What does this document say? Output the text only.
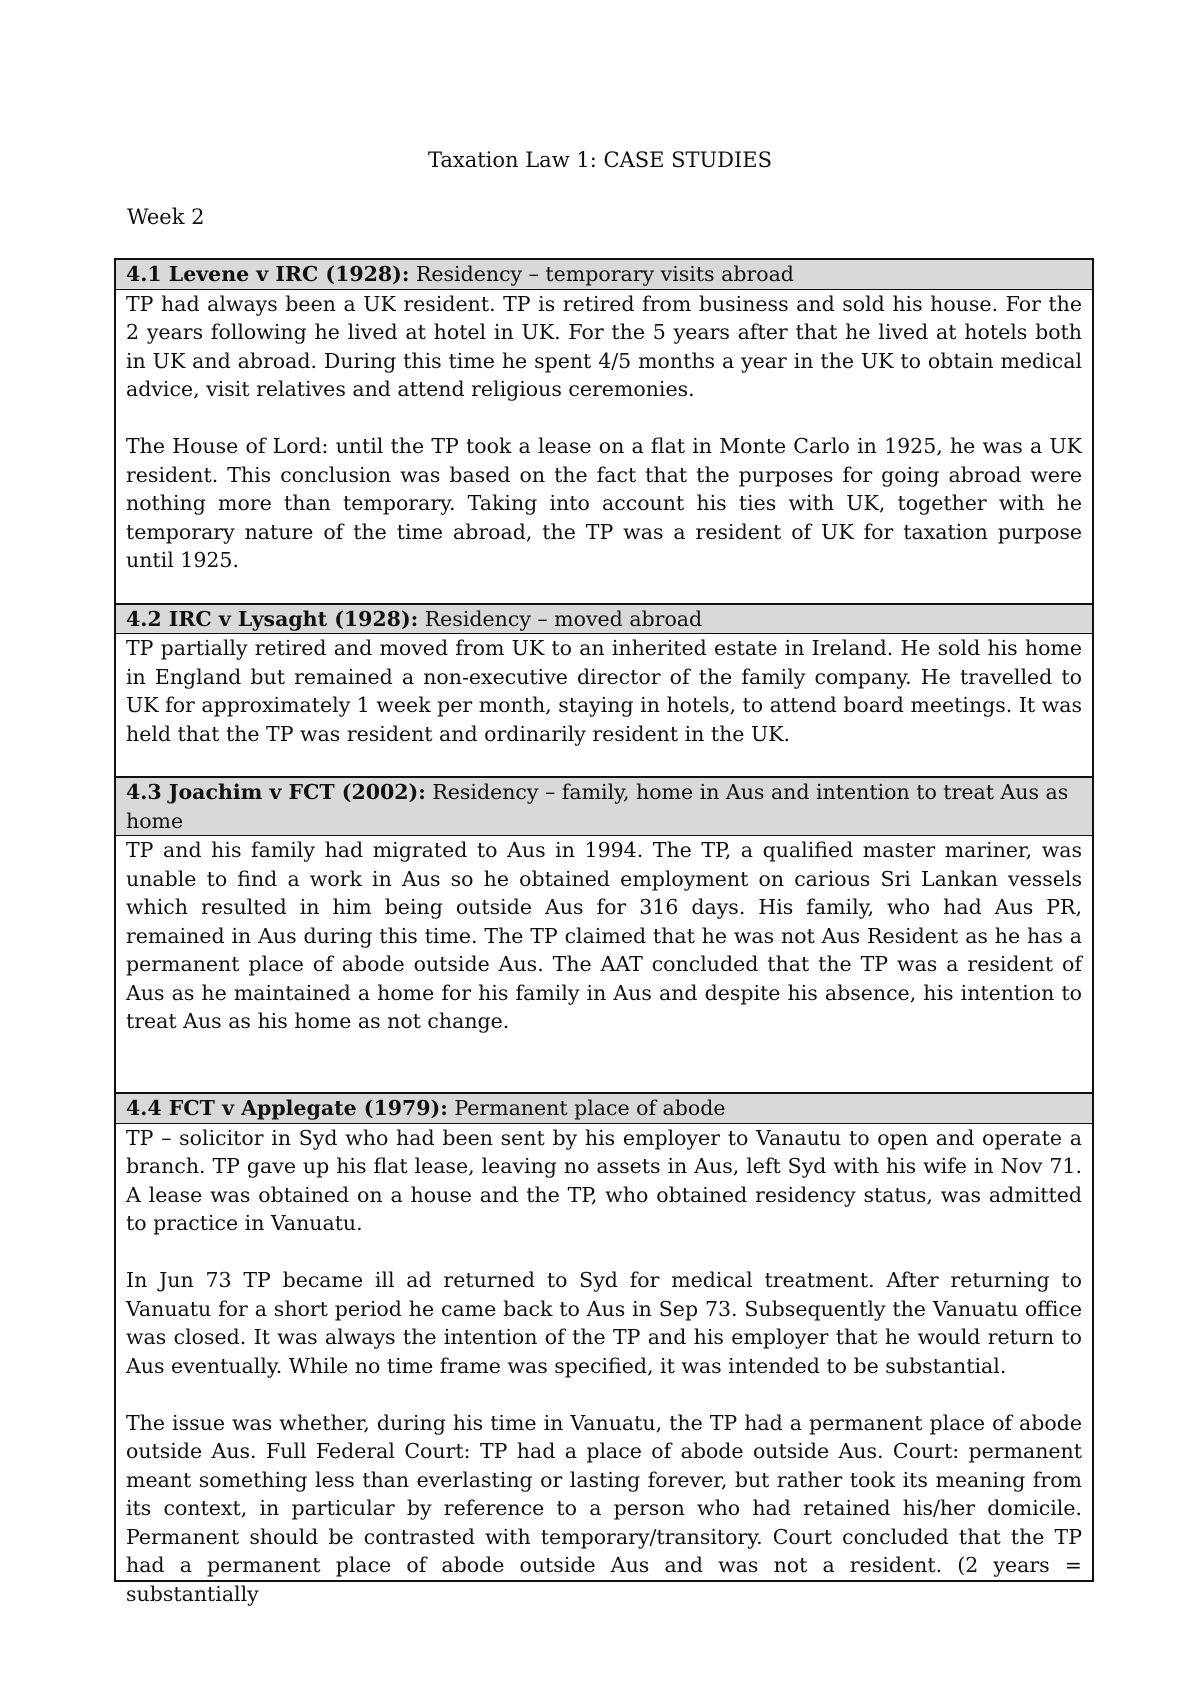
Taxation Law 1: CASE STUDIES
Week 2
4.1 Levene v IRC (1928): Residency – temporary visits abroad

TP had always been a UK resident. TP is retired from business and sold his house. For the 2 years following he lived at hotel in UK. For the 5 years after that he lived at hotels both in UK and abroad. During this time he spent 4/5 months a year in the UK to obtain medical advice, visit relatives and attend religious ceremonies.

The House of Lord: until the TP took a lease on a flat in Monte Carlo in 1925, he was a UK resident. This conclusion was based on the fact that the purposes for going abroad were nothing more than temporary. Taking into account his ties with UK, together with he temporary nature of the time abroad, the TP was a resident of UK for taxation purpose until 1925.

4.2 IRC v Lysaght (1928): Residency – moved abroad

TP partially retired and moved from UK to an inherited estate in Ireland. He sold his home in England but remained a non-executive director of the family company. He travelled to UK for approximately 1 week per month, staying in hotels, to attend board meetings. It was held that the TP was resident and ordinarily resident in the UK.

4.3 Joachim v FCT (2002): Residency – family, home in Aus and intention to treat Aus as home

TP and his family had migrated to Aus in 1994. The TP, a qualified master mariner, was unable to find a work in Aus so he obtained employment on carious Sri Lankan vessels which resulted in him being outside Aus for 316 days. His family, who had Aus PR, remained in Aus during this time. The TP claimed that he was not Aus Resident as he has a permanent place of abode outside Aus. The AAT concluded that the TP was a resident of Aus as he maintained a home for his family in Aus and despite his absence, his intention to treat Aus as his home as not change.

4.4 FCT v Applegate (1979): Permanent place of abode

TP – solicitor in Syd who had been sent by his employer to Vanautu to open and operate a branch. TP gave up his flat lease, leaving no assets in Aus, left Syd with his wife in Nov 71. A lease was obtained on a house and the TP, who obtained residency status, was admitted to practice in Vanuatu.

In Jun 73 TP became ill ad returned to Syd for medical treatment. After returning to Vanuatu for a short period he came back to Aus in Sep 73. Subsequently the Vanuatu office was closed. It was always the intention of the TP and his employer that he would return to Aus eventually. While no time frame was specified, it was intended to be substantial.

The issue was whether, during his time in Vanuatu, the TP had a permanent place of abode outside Aus. Full Federal Court: TP had a place of abode outside Aus. Court: permanent meant something less than everlasting or lasting forever, but rather took its meaning from its context, in particular by reference to a person who had retained his/her domicile. Permanent should be contrasted with temporary/transitory. Court concluded that the TP had a permanent place of abode outside Aus and was not a resident. (2 years = substantially
